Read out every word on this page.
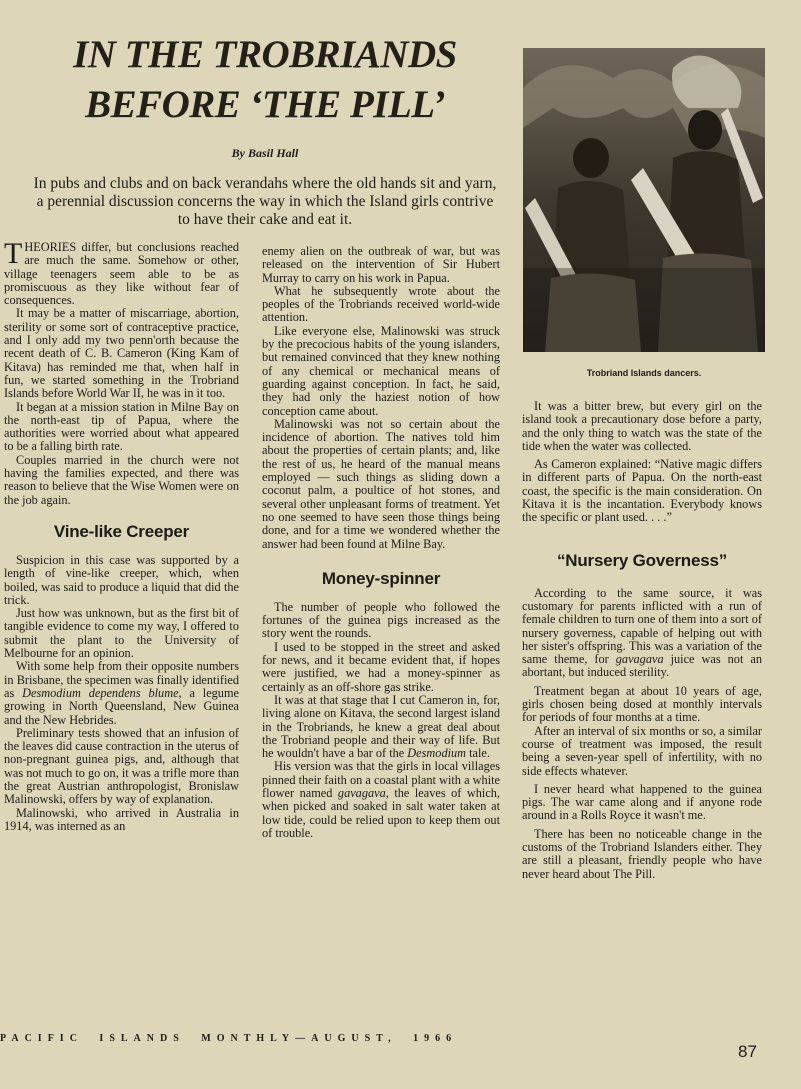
IN THE TROBRIANDS
BEFORE ‘THE PILL’
By Basil Hall
In pubs and clubs and on back verandahs where the old hands sit and yarn, a perennial discussion concerns the way in which the Island girls contrive to have their cake and eat it.
Trobriand Islands dancers.

THEORIES differ, but conclusions reached are much the same. Somehow or other, village teenagers seem able to be as promiscuous as they like without fear of consequences.

It may be a matter of miscarriage, abortion, sterility or some sort of contraceptive practice, and I only add my two penn'orth because the recent death of C. B. Cameron (King Kam of Kitava) has reminded me that, when half in fun, we started something in the Trobriand Islands before World War II, he was in it too.

It began at a mission station in Milne Bay on the north-east tip of Papua, where the authorities were worried about what appeared to be a falling birth rate.

Couples married in the church were not having the families expected, and there was reason to believe that the Wise Women were on the job again.

Vine-like Creeper

Suspicion in this case was supported by a length of vine-like creeper, which, when boiled, was said to produce a liquid that did the trick.

Just how was unknown, but as the first bit of tangible evidence to come my way, I offered to submit the plant to the University of Melbourne for an opinion.

With some help from their opposite numbers in Brisbane, the specimen was finally identified as Desmodium dependens blume, a legume growing in North Queensland, New Guinea and the New Hebrides.

Preliminary tests showed that an infusion of the leaves did cause contraction in the uterus of non-pregnant guinea pigs, and, although that was not much to go on, it was a trifle more than the great Austrian anthropologist, Bronislaw Malinowski, offers by way of explanation.

Malinowski, who arrived in Australia in 1914, was interned as an

enemy alien on the outbreak of war, but was released on the intervention of Sir Hubert Murray to carry on his work in Papua.

What he subsequently wrote about the peoples of the Trobriands received world-wide attention.

Like everyone else, Malinowski was struck by the precocious habits of the young islanders, but remained convinced that they knew nothing of any chemical or mechanical means of guarding against conception. In fact, he said, they had only the haziest notion of how conception came about.

Malinowski was not so certain about the incidence of abortion. The natives told him about the properties of certain plants; and, like the rest of us, he heard of the manual means employed — such things as sliding down a coconut palm, a poultice of hot stones, and several other unpleasant forms of treatment. Yet no one seemed to have seen those things being done, and for a time we wondered whether the answer had been found at Milne Bay.

Money-spinner

The number of people who followed the fortunes of the guinea pigs increased as the story went the rounds.

I used to be stopped in the street and asked for news, and it became evident that, if hopes were justified, we had a money-spinner as certainly as an off-shore gas strike.

It was at that stage that I cut Cameron in, for, living alone on Kitava, the second largest island in the Trobriands, he knew a great deal about the Trobriand people and their way of life. But he wouldn't have a bar of the Desmodium tale.

His version was that the girls in local villages pinned their faith on a coastal plant with a white flower named gavagava, the leaves of which, when picked and soaked in salt water taken at low tide, could be relied upon to keep them out of trouble.

It was a bitter brew, but every girl on the island took a precautionary dose before a party, and the only thing to watch was the state of the tide when the water was collected.

As Cameron explained: “Native magic differs in different parts of Papua. On the north-east coast, the specific is the main consideration. On Kitava it is the incantation. Everybody knows the specific or plant used. . . .”

“Nursery Governess”

According to the same source, it was customary for parents inflicted with a run of female children to turn one of them into a sort of nursery governess, capable of helping out with her sister's offspring. This was a variation of the same theme, for gavagava juice was not an abortant, but induced sterility.

Treatment began at about 10 years of age, girls chosen being dosed at monthly intervals for periods of four months at a time.

After an interval of six months or so, a similar course of treatment was imposed, the result being a seven-year spell of infertility, with no side effects whatever.

I never heard what happened to the guinea pigs. The war came along and if anyone rode around in a Rolls Royce it wasn't me.

There has been no noticeable change in the customs of the Trobriand Islanders either. They are still a pleasant, friendly people who have never heard about The Pill.

PACIFIC ISLANDS MONTHLY—AUGUST, 1966
87
